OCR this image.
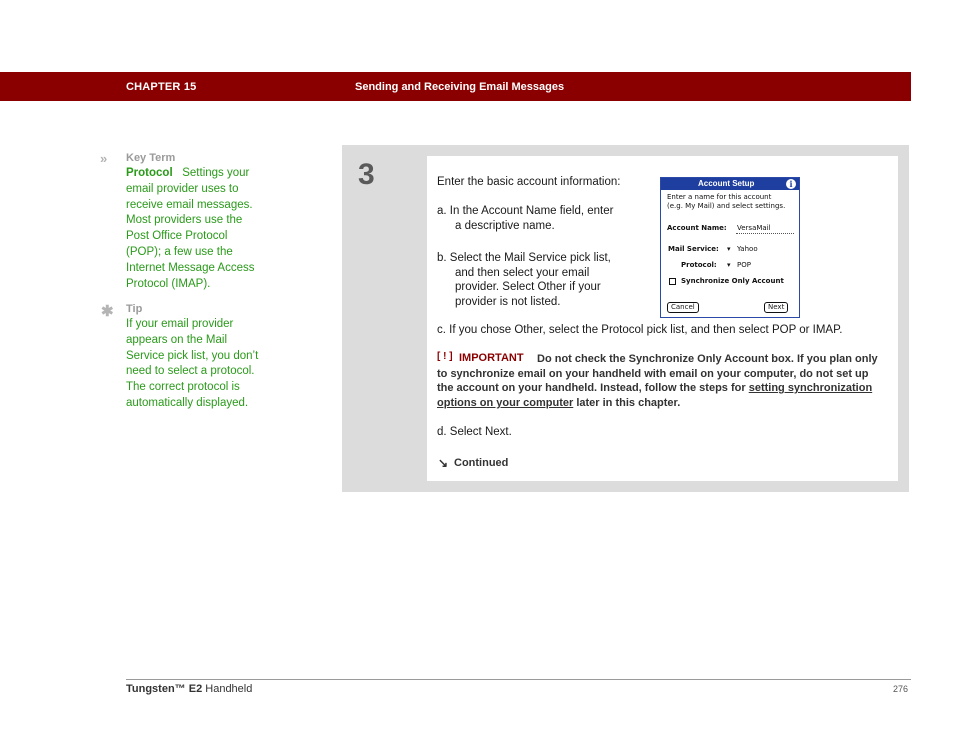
CHAPTER 15	Sending and Receiving Email Messages
» Key Term
Protocol Settings your
email provider uses to
receive email messages.
Most providers use the
Post Office Protocol
(POP); a few use the
Internet Message Access
Protocol (IMAP).
✱ Tip
If your email provider
appears on the Mail
Service pick list, you don’t
need to select a protocol.
The correct protocol is
automatically displayed.
3	Enter the basic account information:
a. In the Account Name field, enter
a descriptive name.
b. Select the Mail Service pick list,
and then select your email
provider. Select Other if your
provider is not listed.
c. If you chose Other, select the Protocol pick list, and then select POP or IMAP.
Account Setup	i
Enter a name for this account
(e.g. My Mail) and select settings.
Account Name: VersaMail
Mail Service: ▾ Yahoo
Protocol: ▾ POP
Synchronize Only Account
Cancel	Next
Do not check the Synchronize Only Account box. If you plan only to synchronize email on your handheld with email on your computer, do not set up the account on your handheld. Instead, follow the steps for setting synchronization options on your computer later in this chapter.
[ ! ] IMPORTANT
d. Select Next.
↘ Continued
Tungsten™ E2 Handheld	276
